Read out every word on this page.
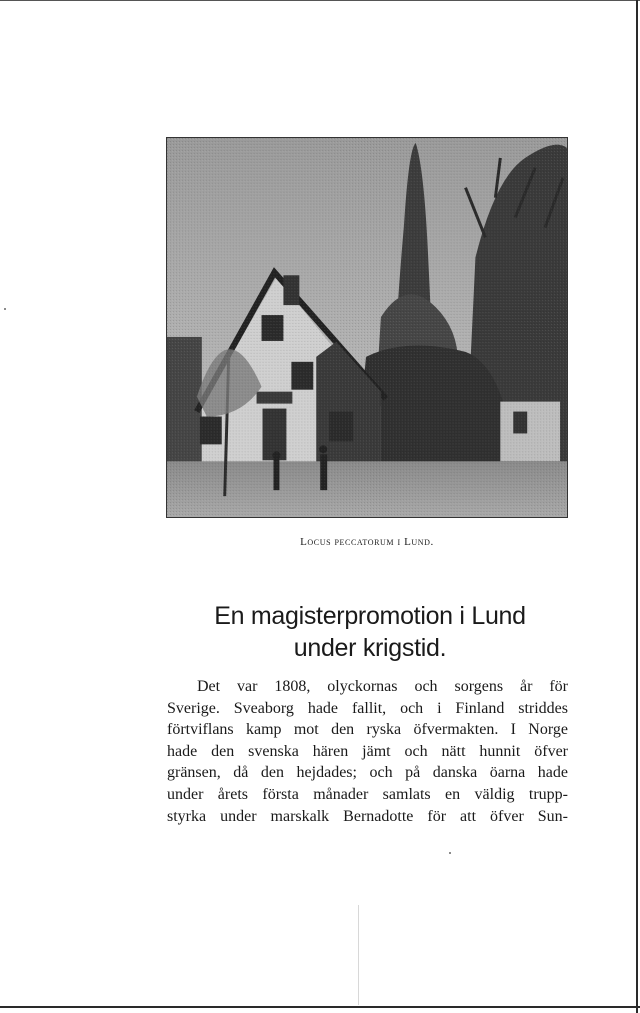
Locus peccatorum i Lund.
En magisterpromotion i Lund
under krigstid.
Det var 1808, olyckornas och sorgens år för
Sverige. Sveaborg hade fallit, och i Finland striddes
förtviflans kamp mot den ryska öfvermakten. I Norge
hade den svenska hären jämt och nätt hunnit öfver
gränsen, då den hejdades; och på danska öarna hade
under årets första månader samlats en väldig trupp-
styrka under marskalk Bernadotte för att öfver Sun-
